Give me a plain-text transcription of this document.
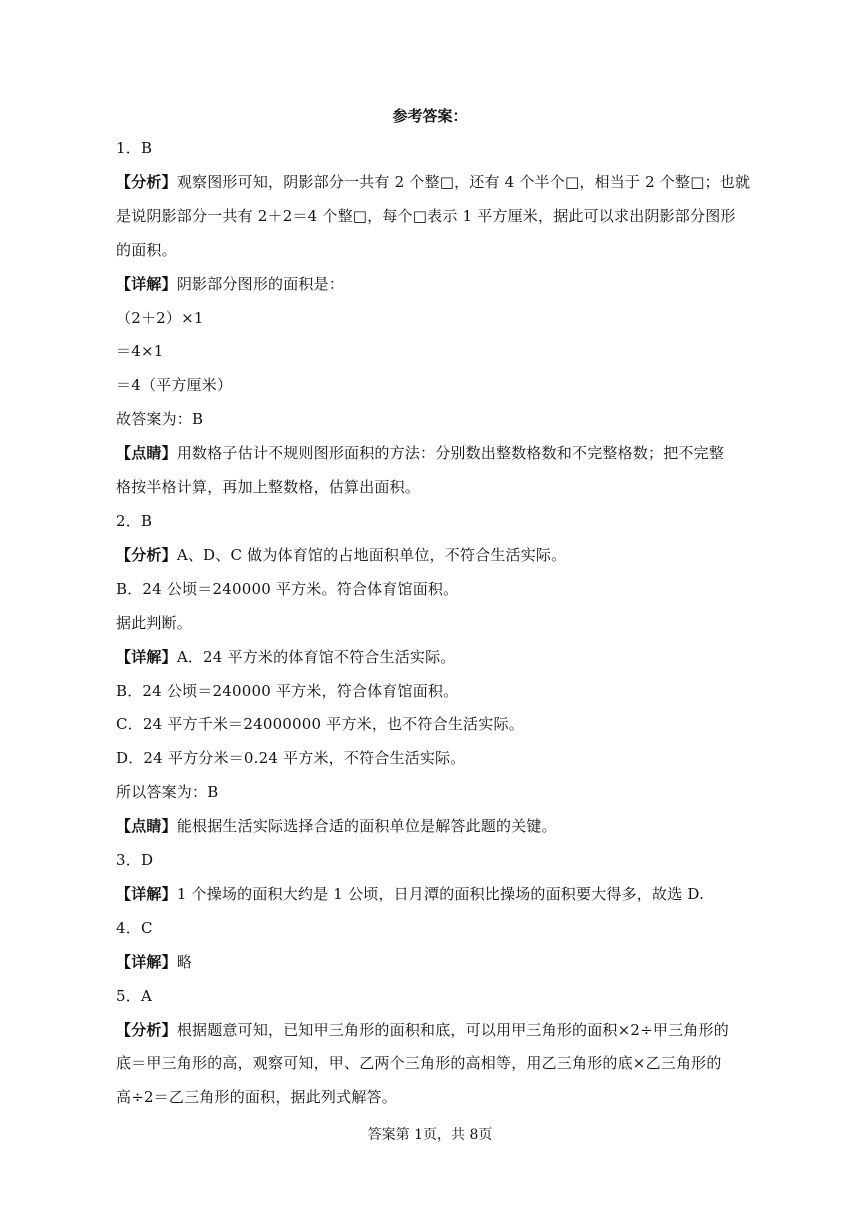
参考答案：
1．B
【分析】观察图形可知，阴影部分一共有 2 个整□，还有 4 个半个□，相当于 2 个整□；也就
是说阴影部分一共有 2＋2＝4 个整□，每个□表示 1 平方厘米，据此可以求出阴影部分图形
的面积。
【详解】阴影部分图形的面积是：
（2＋2）×1
＝4×1
＝4（平方厘米）
故答案为：B
【点睛】用数格子估计不规则图形面积的方法：分别数出整数格数和不完整格数；把不完整
格按半格计算，再加上整数格，估算出面积。
2．B
【分析】A、D、C 做为体育馆的占地面积单位，不符合生活实际。
B．24 公顷＝240000 平方米。符合体育馆面积。
据此判断。
【详解】A．24 平方米的体育馆不符合生活实际。
B．24 公顷＝240000 平方米，符合体育馆面积。
C．24 平方千米＝24000000 平方米，也不符合生活实际。
D．24 平方分米＝0.24 平方米，不符合生活实际。
所以答案为：B
【点睛】能根据生活实际选择合适的面积单位是解答此题的关键。
3．D
【详解】1 个操场的面积大约是 1 公顷，日月潭的面积比操场的面积要大得多，故选 D.
4．C
【详解】略
5．A
【分析】根据题意可知，已知甲三角形的面积和底，可以用甲三角形的面积×2÷甲三角形的
底＝甲三角形的高，观察可知，甲、乙两个三角形的高相等，用乙三角形的底×乙三角形的
高÷2＝乙三角形的面积，据此列式解答。
答案第 1页，共 8页
